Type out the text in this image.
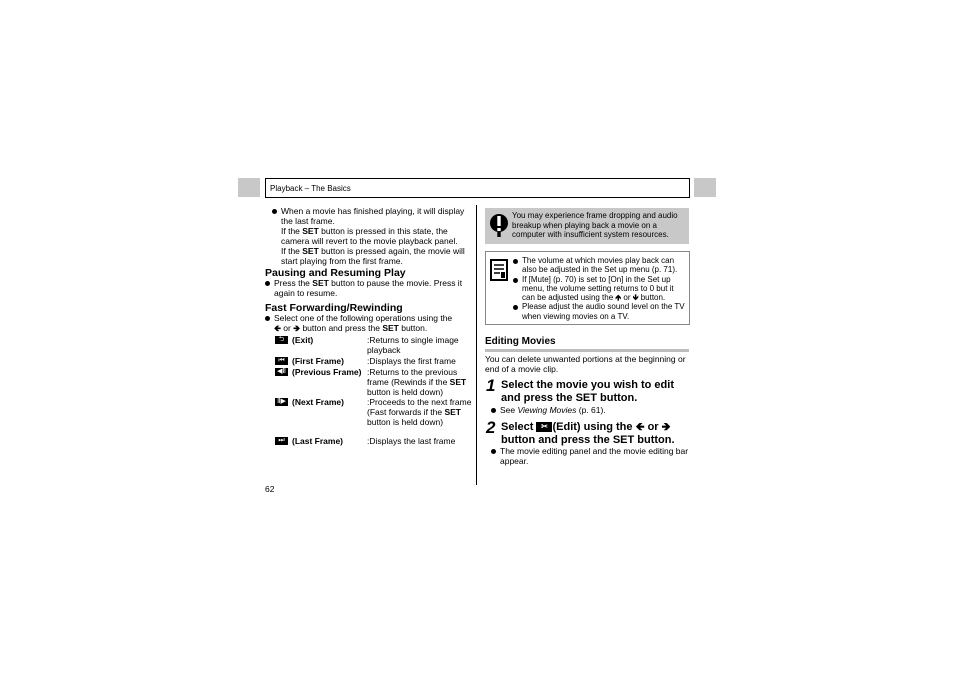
Playback – The Basics
When a movie has finished playing, it will display the last frame.
If the SET button is pressed in this state, the camera will revert to the movie playback panel.
If the SET button is pressed again, the movie will start playing from the first frame.
Pausing and Resuming Play
Press the SET button to pause the movie. Press it again to resume.
Fast Forwarding/Rewinding
Select one of the following operations using the
🡸 or 🡺 button and press the SET button.
⮌ (Exit)	:Returns to single image playback
⏮ (First Frame)	:Displays the first frame
◀Ⅱ (Previous Frame) :Returns to the previous frame (Rewinds if the SET button is held down)
Ⅱ▶ (Next Frame)	:Proceeds to the next frame (Fast forwards if the SET button is held down)
⏭ (Last Frame)	:Displays the last frame
62
You may experience frame dropping and audio breakup when playing back a movie on a computer with insufficient system resources.
The volume at which movies play back can also be adjusted in the Set up menu (p. 71).
If [Mute] (p. 70) is set to [On] in the Set up menu, the volume setting returns to 0 but it can be adjusted using the 🡹 or 🡻 button.
Please adjust the audio sound level on the TV when viewing movies on a TV.
Editing Movies
You can delete unwanted portions at the beginning or end of a movie clip.
1 Select the movie you wish to edit and press the SET button.
See Viewing Movies (p. 61).
2 Select ✂ (Edit) using the 🡸 or 🡺
button and press the SET button.
The movie editing panel and the movie editing bar appear.
